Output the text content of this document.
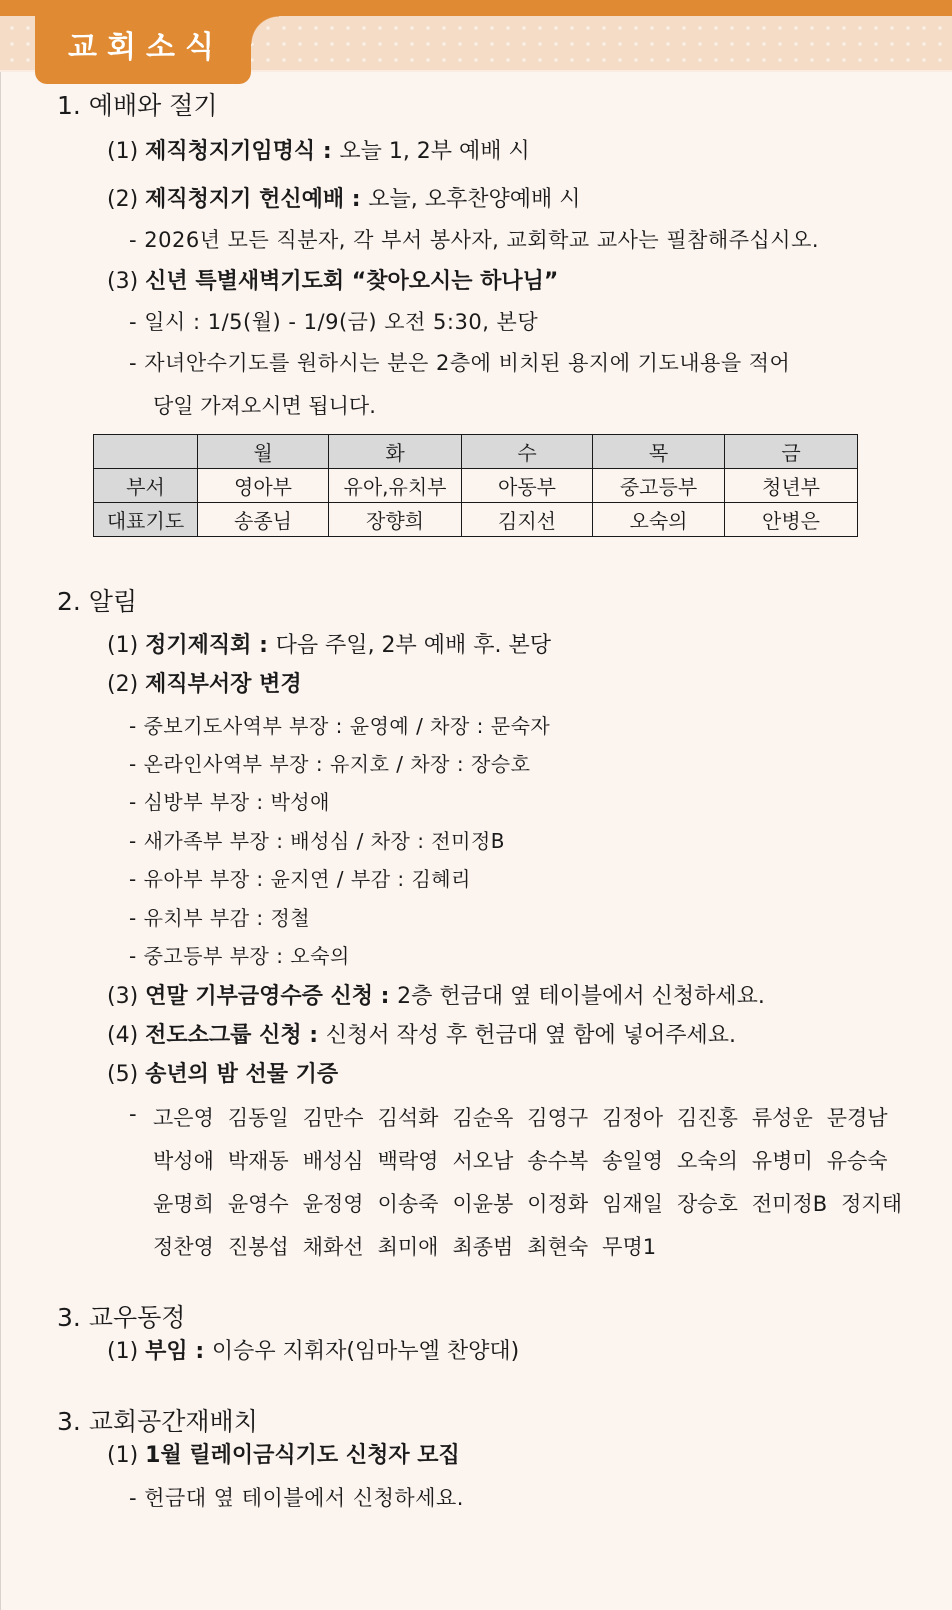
교회소식
1. 예배와 절기
(1) 제직청지기임명식 : 오늘 1, 2부 예배 시
(2) 제직청지기 헌신예배 : 오늘, 오후찬양예배 시
- 2026년 모든 직분자, 각 부서 봉사자, 교회학교 교사는 필참해주십시오.
(3) 신년 특별새벽기도회 “찾아오시는 하나님”
- 일시 : 1/5(월) - 1/9(금) 오전 5:30, 본당
- 자녀안수기도를 원하시는 분은 2층에 비치된 용지에 기도내용을 적어
당일 가져오시면 됩니다.
	월	화	수	목	금
부서	영아부	유아,유치부	아동부	중고등부	청년부
대표기도	송종님	장향희	김지선	오숙의	안병은
2. 알림
(1) 정기제직회 : 다음 주일, 2부 예배 후. 본당
(2) 제직부서장 변경
- 중보기도사역부 부장 : 윤영예 / 차장 : 문숙자
- 온라인사역부 부장 : 유지호 / 차장 : 장승호
- 심방부 부장 : 박성애
- 새가족부 부장 : 배성심 / 차장 : 전미정B
- 유아부 부장 : 윤지연 / 부감 : 김혜리
- 유치부 부감 : 정철
- 중고등부 부장 : 오숙의
(3) 연말 기부금영수증 신청 : 2층 헌금대 옆 테이블에서 신청하세요.
(4) 전도소그룹 신청 : 신청서 작성 후 헌금대 옆 함에 넣어주세요.
(5) 송년의 밤 선물 기증
- 고은영 김동일 김만수 김석화 김순옥 김영구 김정아 김진홍 류성운 문경남
박성애 박재동 배성심 백락영 서오남 송수복 송일영 오숙의 유병미 유승숙
윤명희 윤영수 윤정영 이송죽 이윤봉 이정화 임재일 장승호 전미정B 정지태
정찬영 진봉섭 채화선 최미애 최종범 최현숙 무명1
3. 교우동정
(1) 부임 : 이승우 지휘자(임마누엘 찬양대)
3. 교회공간재배치
(1) 1월 릴레이금식기도 신청자 모집
- 헌금대 옆 테이블에서 신청하세요.
